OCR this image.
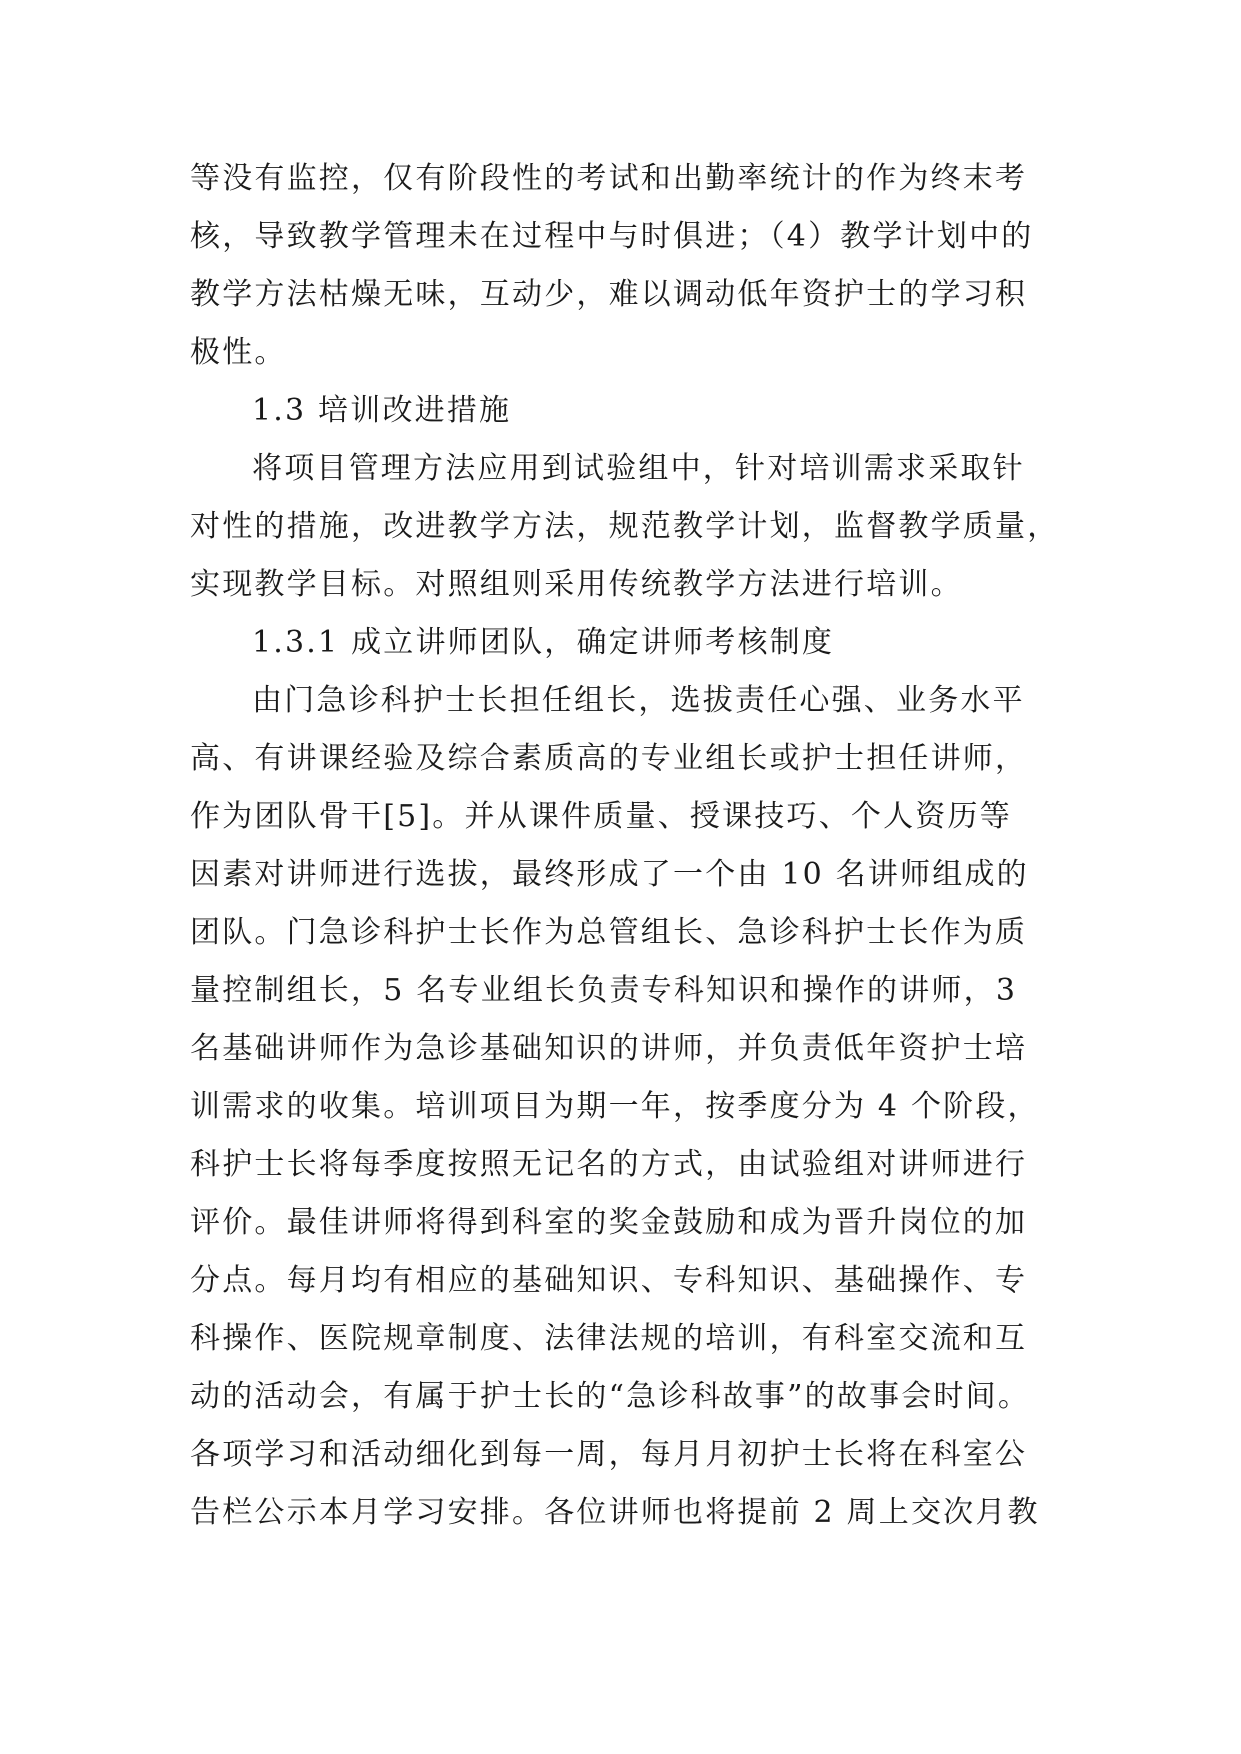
等没有监控，仅有阶段性的考试和出勤率统计的作为终末考
核，导致教学管理未在过程中与时俱进；（4）教学计划中的
教学方法枯燥无味，互动少，难以调动低年资护士的学习积
极性。
1.3 培训改进措施
将项目管理方法应用到试验组中，针对培训需求采取针
对性的措施，改进教学方法，规范教学计划，监督教学质量，
实现教学目标。对照组则采用传统教学方法进行培训。
1.3.1 成立讲师团队，确定讲师考核制度
由门急诊科护士长担任组长，选拔责任心强、业务水平
高、有讲课经验及综合素质高的专业组长或护士担任讲师，
作为团队骨干[5]。并从课件质量、授课技巧、个人资历等
因素对讲师进行选拔，最终形成了一个由 10 名讲师组成的
团队。门急诊科护士长作为总管组长、急诊科护士长作为质
量控制组长，5 名专业组长负责专科知识和操作的讲师，3
名基础讲师作为急诊基础知识的讲师，并负责低年资护士培
训需求的收集。培训项目为期一年，按季度分为 4 个阶段，
科护士长将每季度按照无记名的方式，由试验组对讲师进行
评价。最佳讲师将得到科室的奖金鼓励和成为晋升岗位的加
分点。每月均有相应的基础知识、专科知识、基础操作、专
科操作、医院规章制度、法律法规的培训，有科室交流和互
动的活动会，有属于护士长的“急诊科故事”的故事会时间。
各项学习和活动细化到每一周，每月月初护士长将在科室公
告栏公示本月学习安排。各位讲师也将提前 2 周上交次月教
